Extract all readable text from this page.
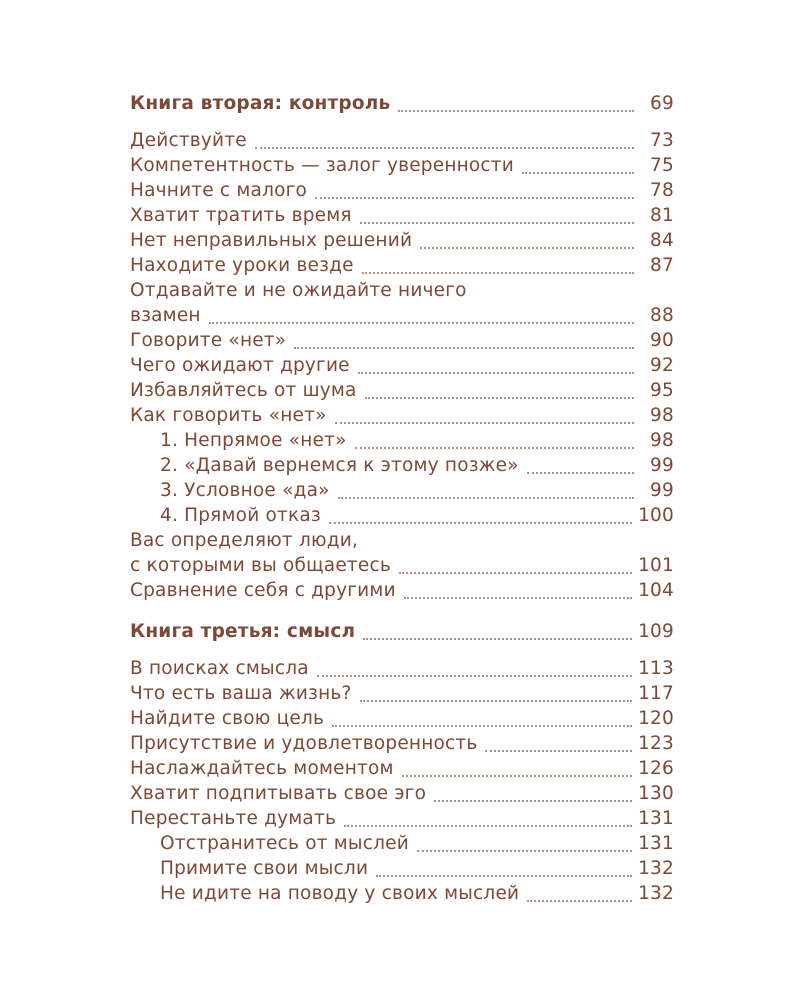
Книга вторая: контроль	69
Действуйте	73
Компетентность — залог уверенности	75
Начните с малого	78
Хватит тратить время	81
Нет неправильных решений	84
Находите уроки везде	87
Отдавайте и не ожидайте ничего
взамен	88
Говорите «нет»	90
Чего ожидают другие	92
Избавляйтесь от шума	95
Как говорить «нет»	98
1. Непрямое «нет»	98
2. «Давай вернемся к этому позже»	99
3. Условное «да»	99
4. Прямой отказ	100
Вас определяют люди,
с которыми вы общаетесь	101
Сравнение себя с другими	104
Книга третья: смысл	109
В поисках смысла	113
Что есть ваша жизнь?	117
Найдите свою цель	120
Присутствие и удовлетворенность	123
Наслаждайтесь моментом	126
Хватит подпитывать свое эго	130
Перестаньте думать	131
Отстранитесь от мыслей	131
Примите свои мысли	132
Не идите на поводу у своих мыслей	132
